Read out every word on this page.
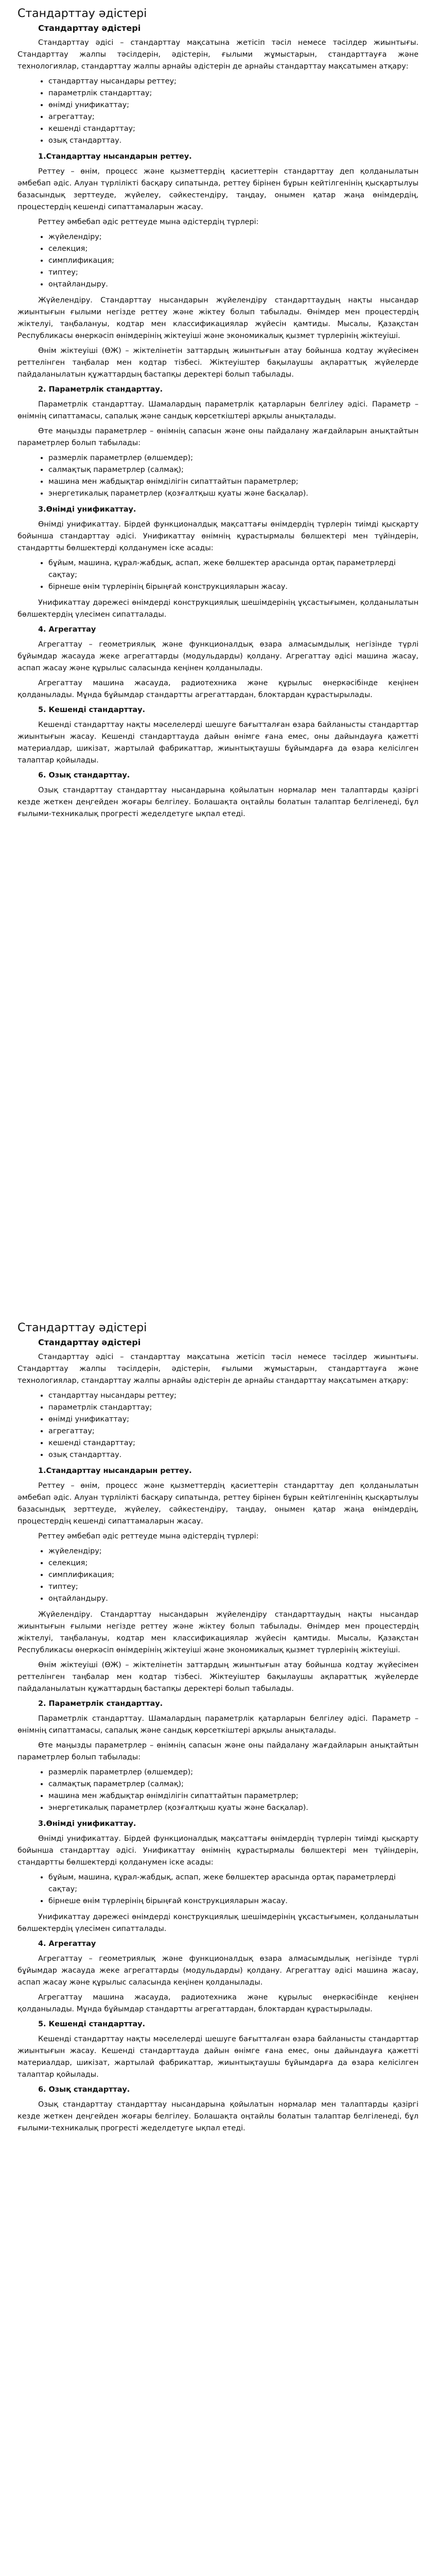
Стандарттау әдістері
Стандарттау әдістері

Стандарттау әдісі – стандарттау мақсатына жетісіп тәсіл немесе тәсілдер жиынтығы. Стандарттау жалпы тәсілдерін, әдістерін, ғылыми жұмыстарын, стандарттауға және технологиялар, стандарттау жалпы арнайы әдістерін де арнайы стандарттау мақсатымен атқару:

• стандарттау нысандары реттеу;
• параметрлік стандарттау;
• өнімді унификаттау;
• агрегаттау;
• кешенді стандарттау;
• озық стандарттау.

1.Стандарттау нысандарын реттеу.

Реттеу – өнім, процесс және қызметтердің қасиеттерін стандарттау деп қолданылатын әмбебап әдіс. Алуан түрлілікті басқару сипатында, реттеу бірінен бұрын кейтілгенінің қысқартылуы базасындық зерттеуде, жүйелеу, сәйкестендіру, таңдау, онымен қатар жаңа өнімдердің, процестердің кешенді сипаттамаларын жасау.

Реттеу әмбебап әдіс реттеуде мына әдістердің түрлері:

• жүйелендіру;
• селекция;
• симплификация;
• типтеу;
• оңтайландыру.

Жүйелендіру. Стандарттау нысандарын жүйелендіру стандарттаудың нақты нысандар жиынтығын ғылыми негізде реттеу және жіктеу болып табылады. Өнімдер мен процестердің жіктелуі, таңбалануы, кодтар мен классификациялар жүйесін қамтиды. Мысалы, Қазақстан Республикасы өнеркәсіп өнімдерінің жіктеуіші және экономикалық қызмет түрлерінің жіктеуіші.

Өнім жіктеуіші (ӨЖ) – жіктелінетін заттардың жиынтығын атау бойынша кодтау жүйесімен реттелінген таңбалар мен кодтар тізбесі. Жіктеуіштер бақылаушы ақпараттық жүйелерде пайдаланылатын құжаттардың бастапқы деректері болып табылады.

2. Параметрлік стандарттау.

Параметрлік стандарттау. Шамалардың параметрлік қатарларын белгілеу әдісі. Параметр – өнімнің сипаттамасы, сапалық және сандық көрсеткіштері арқылы анықталады.

Өте маңызды параметрлер – өнімнің сапасын және оны пайдалану жағдайларын анықтайтын параметрлер болып табылады:

• размерлік параметрлер (өлшемдер);
• салмақтық параметрлер (салмақ);
• машина мен жабдықтар өнімділігін сипаттайтын параметрлер;
• энергетикалық параметрлер (қозғалтқыш қуаты және басқалар).

3.Өнімді унификаттау.

Өнімді унификаттау. Бірдей функционалдық мақсаттағы өнімдердің түрлерін тиімді қысқарту бойынша стандарттау әдісі. Унификаттау өнімнің құрастырмалы бөлшектері мен түйіндерін, стандартты бөлшектерді қолданумен іске асады:

• бұйым, машина, құрал-жабдық, аспап, жеке бөлшектер арасында ортақ параметрлерді сақтау;
• бірнеше өнім түрлерінің бірыңғай конструкцияларын жасау.

Унификаттау дәрежесі өнімдерді конструкциялық шешімдерінің ұқсастығымен, қолданылатын бөлшектердің үлесімен сипатталады.

4. Агрегаттау

Агрегаттау – геометриялық және функционалдық өзара алмасымдылық негізінде түрлі бұйымдар жасауда жеке агрегаттарды (модульдарды) қолдану. Агрегаттау әдісі машина жасау, аспап жасау және құрылыс саласында кеңінен қолданылады.

Агрегаттау машина жасауда, радиотехника және құрылыс өнеркәсібінде кеңінен қолданылады. Мұнда бұйымдар стандартты агрегаттардан, блоктардан құрастырылады.

5. Кешенді стандарттау.

Кешенді стандарттау нақты мәселелерді шешуге бағытталған өзара байланысты стандарттар жиынтығын жасау. Кешенді стандарттауда дайын өнімге ғана емес, оны дайындауға қажетті материалдар, шикізат, жартылай фабрикаттар, жиынтықтаушы бұйымдарға да өзара келісілген талаптар қойылады.

6. Озық стандарттау.

Озық стандарттау стандарттау нысандарына қойылатын нормалар мен талаптарды қазіргі кезде жеткен деңгейден жоғары белгілеу. Болашақта оңтайлы болатын талаптар белгіленеді, бұл ғылыми-техникалық прогресті жеделдетуге ықпал етеді.

Стандарттау әдістері
Стандарттау әдістері

Стандарттау әдісі – стандарттау мақсатына жетісіп тәсіл немесе тәсілдер жиынтығы. Стандарттау жалпы тәсілдерін, әдістерін, ғылыми жұмыстарын, стандарттауға және технологиялар, стандарттау жалпы арнайы әдістерін де арнайы стандарттау мақсатымен атқару:

• стандарттау нысандары реттеу;
• параметрлік стандарттау;
• өнімді унификаттау;
• агрегаттау;
• кешенді стандарттау;
• озық стандарттау.

1.Стандарттау нысандарын реттеу.

Реттеу – өнім, процесс және қызметтердің қасиеттерін стандарттау деп қолданылатын әмбебап әдіс. Алуан түрлілікті басқару сипатында, реттеу бірінен бұрын кейтілгенінің қысқартылуы базасындық зерттеуде, жүйелеу, сәйкестендіру, таңдау, онымен қатар жаңа өнімдердің, процестердің кешенді сипаттамаларын жасау.

Реттеу әмбебап әдіс реттеуде мына әдістердің түрлері:

• жүйелендіру;
• селекция;
• симплификация;
• типтеу;
• оңтайландыру.

Жүйелендіру. Стандарттау нысандарын жүйелендіру стандарттаудың нақты нысандар жиынтығын ғылыми негізде реттеу және жіктеу болып табылады. Өнімдер мен процестердің жіктелуі, таңбалануы, кодтар мен классификациялар жүйесін қамтиды. Мысалы, Қазақстан Республикасы өнеркәсіп өнімдерінің жіктеуіші және экономикалық қызмет түрлерінің жіктеуіші.

Өнім жіктеуіші (ӨЖ) – жіктелінетін заттардың жиынтығын атау бойынша кодтау жүйесімен реттелінген таңбалар мен кодтар тізбесі. Жіктеуіштер бақылаушы ақпараттық жүйелерде пайдаланылатын құжаттардың бастапқы деректері болып табылады.

2. Параметрлік стандарттау.

Параметрлік стандарттау. Шамалардың параметрлік қатарларын белгілеу әдісі. Параметр – өнімнің сипаттамасы, сапалық және сандық көрсеткіштері арқылы анықталады.

Өте маңызды параметрлер – өнімнің сапасын және оны пайдалану жағдайларын анықтайтын параметрлер болып табылады:

• размерлік параметрлер (өлшемдер);
• салмақтық параметрлер (салмақ);
• машина мен жабдықтар өнімділігін сипаттайтын параметрлер;
• энергетикалық параметрлер (қозғалтқыш қуаты және басқалар).

3.Өнімді унификаттау.

Өнімді унификаттау. Бірдей функционалдық мақсаттағы өнімдердің түрлерін тиімді қысқарту бойынша стандарттау әдісі. Унификаттау өнімнің құрастырмалы бөлшектері мен түйіндерін, стандартты бөлшектерді қолданумен іске асады:

• бұйым, машина, құрал-жабдық, аспап, жеке бөлшектер арасында ортақ параметрлерді сақтау;
• бірнеше өнім түрлерінің бірыңғай конструкцияларын жасау.

Унификаттау дәрежесі өнімдерді конструкциялық шешімдерінің ұқсастығымен, қолданылатын бөлшектердің үлесімен сипатталады.

4. Агрегаттау

Агрегаттау – геометриялық және функционалдық өзара алмасымдылық негізінде түрлі бұйымдар жасауда жеке агрегаттарды (модульдарды) қолдану. Агрегаттау әдісі машина жасау, аспап жасау және құрылыс саласында кеңінен қолданылады.

Агрегаттау машина жасауда, радиотехника және құрылыс өнеркәсібінде кеңінен қолданылады. Мұнда бұйымдар стандартты агрегаттардан, блоктардан құрастырылады.

5. Кешенді стандарттау.

Кешенді стандарттау нақты мәселелерді шешуге бағытталған өзара байланысты стандарттар жиынтығын жасау. Кешенді стандарттауда дайын өнімге ғана емес, оны дайындауға қажетті материалдар, шикізат, жартылай фабрикаттар, жиынтықтаушы бұйымдарға да өзара келісілген талаптар қойылады.

6. Озық стандарттау.

Озық стандарттау стандарттау нысандарына қойылатын нормалар мен талаптарды қазіргі кезде жеткен деңгейден жоғары белгілеу. Болашақта оңтайлы болатын талаптар белгіленеді, бұл ғылыми-техникалық прогресті жеделдетуге ықпал етеді.
